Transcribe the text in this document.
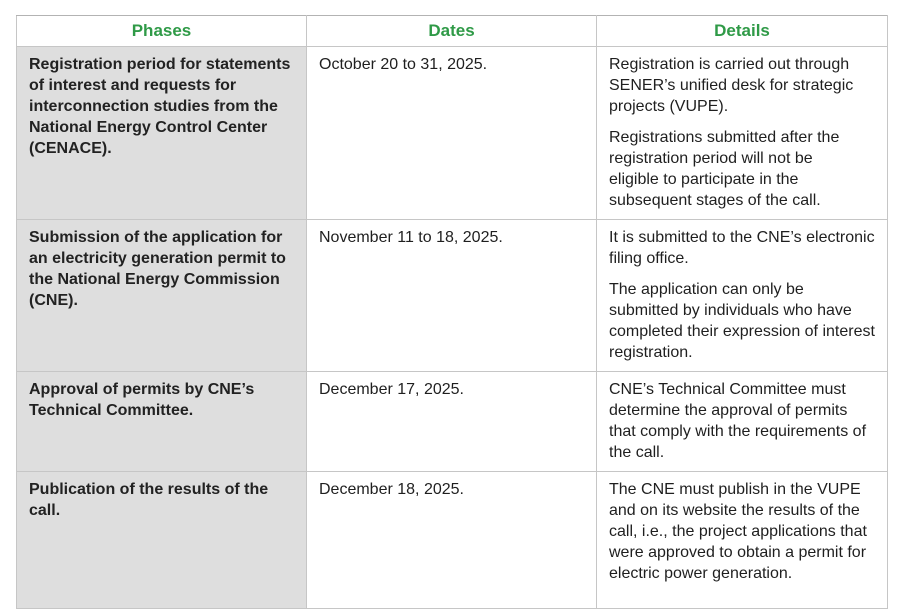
Phases	Dates	Details
Registration period for statements of interest and requests for interconnection studies from the National Energy Control Center (CENACE).	October 20 to 31, 2025.	Registration is carried out through SENER’s unified desk for strategic projects (VUPE).

Registrations submitted after the registration period will not be eligible to participate in the subsequent stages of the call.

Submission of the application for an electricity generation permit to the National Energy Commission (CNE).	November 11 to 18, 2025.	It is submitted to the CNE’s electronic filing office.

The application can only be submitted by individuals who have completed their expression of interest registration.

Approval of permits by CNE’s Technical Committee.	December 17, 2025.	CNE’s Technical Committee must determine the approval of permits that comply with the requirements of the call.

Publication of the results of the call.	December 18, 2025.	The CNE must publish in the VUPE and on its website the results of the call, i.e., the project applications that were approved to obtain a permit for electric power generation.
